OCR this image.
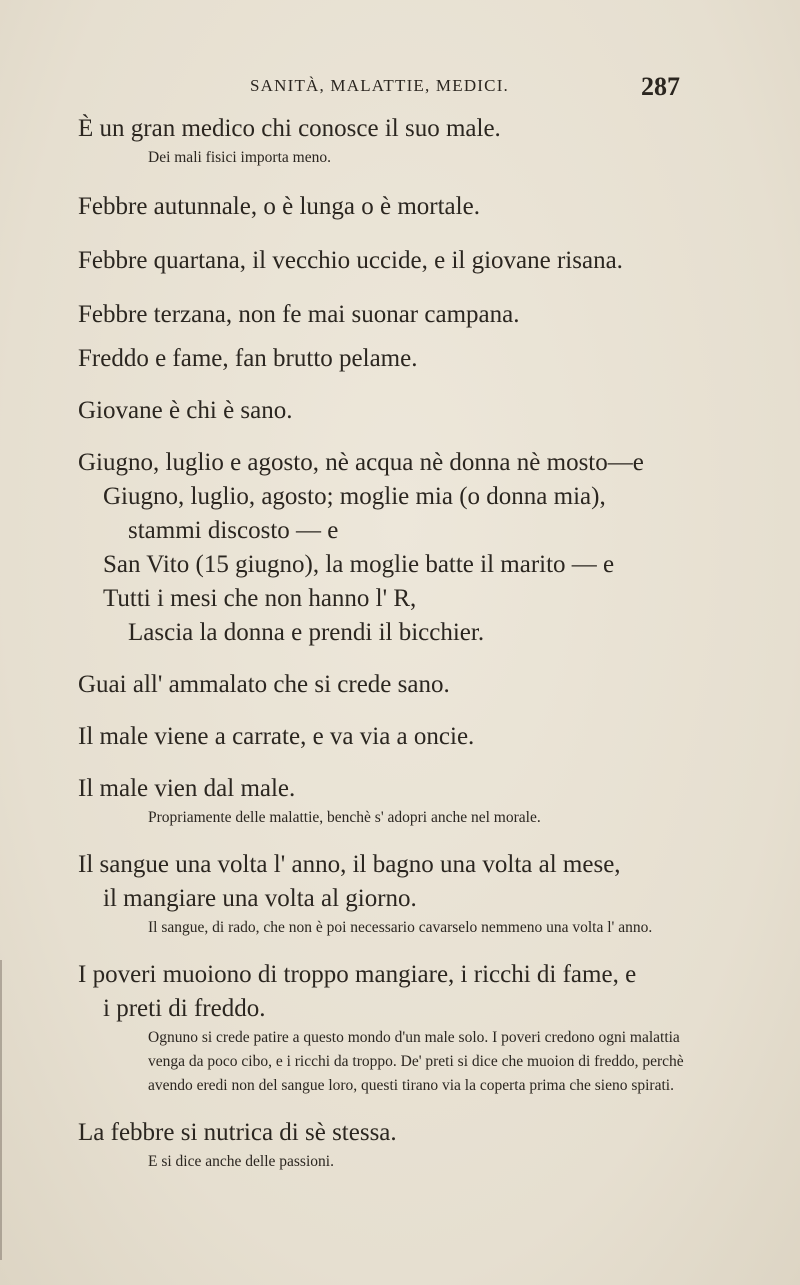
SANITÀ, MALATTIE, MEDICI.	287

È un gran medico chi conosce il suo male.

Dei mali fisici importa meno.

Febbre autunnale, o è lunga o è mortale.

Febbre quartana, il vecchio uccide, e il giovane risana.

Febbre terzana, non fe mai suonar campana.

Freddo e fame, fan brutto pelame.

Giovane è chi è sano.

Giugno, luglio e agosto, nè acqua nè donna nè mosto—e

Giugno, luglio, agosto; moglie mia (o donna mia),

stammi discosto — e

San Vito (15 giugno), la moglie batte il marito — e

Tutti i mesi che non hanno l' R,

Lascia la donna e prendi il bicchier.

Guai all' ammalato che si crede sano.

Il male viene a carrate, e va via a oncie.

Il male vien dal male.

Propriamente delle malattie, benchè s' adopri anche nel morale.

Il sangue una volta l' anno, il bagno una volta al mese,

il mangiare una volta al giorno.

Il sangue, di rado, che non è poi necessario cavarselo nemmeno una volta l' anno.

I poveri muoiono di troppo mangiare, i ricchi di fame, e

i preti di freddo.

Ognuno si crede patire a questo mondo d'un male solo. I poveri credono ogni malattia venga da poco cibo, e i ricchi da troppo. De' preti si dice che muoion di freddo, perchè avendo eredi non del sangue loro, questi tirano via la coperta prima che sieno spirati.

La febbre si nutrica di sè stessa.

E si dice anche delle passioni.
